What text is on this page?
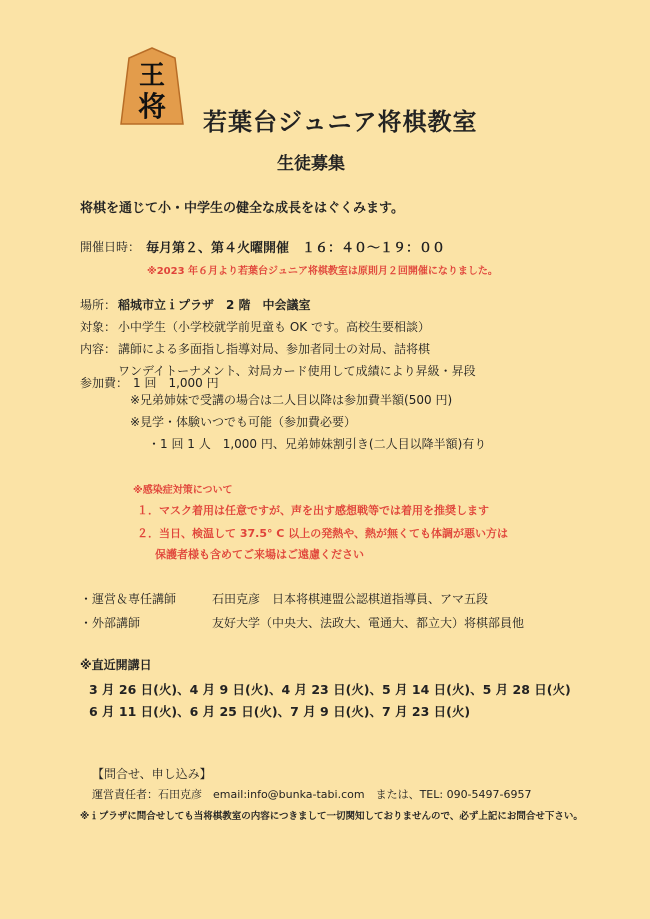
王
将 若葉台ジュニア将棋教室
生徒募集
将棋を通じて小・中学生の健全な成長をはぐくみます。
開催日時： 毎月第２、第４火曜開催　１６：４０～１９：００
※2023 年６月より若葉台ジュニア将棋教室は原則月２回開催になりました。
場所： 稲城市立ｉプラザ　2 階　中会議室
対象： 小中学生（小学校就学前児童も OK です。高校生要相談）
内容： 講師による多面指し指導対局、参加者同士の対局、詰将棋
ワンデイトーナメント、対局カード使用して成績により昇級・昇段
参加費： 1 回　1,000 円
※兄弟姉妹で受講の場合は二人目以降は参加費半額(500 円)
※見学・体験いつでも可能（参加費必要）
・1 回 1 人　1,000 円、兄弟姉妹割引き(二人目以降半額)有り
※感染症対策について
１．マスク着用は任意ですが、声を出す感想戦等では着用を推奨します
２．当日、検温して 37.5° C 以上の発熱や、熱が無くても体調が悪い方は
保護者様も含めてご来場はご遠慮ください
・運営＆専任講師	石田克彦　日本将棋連盟公認棋道指導員、アマ五段
・外部講師	友好大学（中央大、法政大、電通大、都立大）将棋部員他
※直近開講日
3 月 26 日(火)、4 月 9 日(火)、4 月 23 日(火)、5 月 14 日(火)、5 月 28 日(火)
6 月 11 日(火)、6 月 25 日(火)、7 月 9 日(火)、7 月 23 日(火)
【問合せ、申し込み】
運営責任者：石田克彦　email:info@bunka-tabi.com　または、TEL: 090-5497-6957
※ｉプラザに問合せしても当将棋教室の内容につきまして一切関知しておりませんので、必ず上記にお問合せ下さい。
